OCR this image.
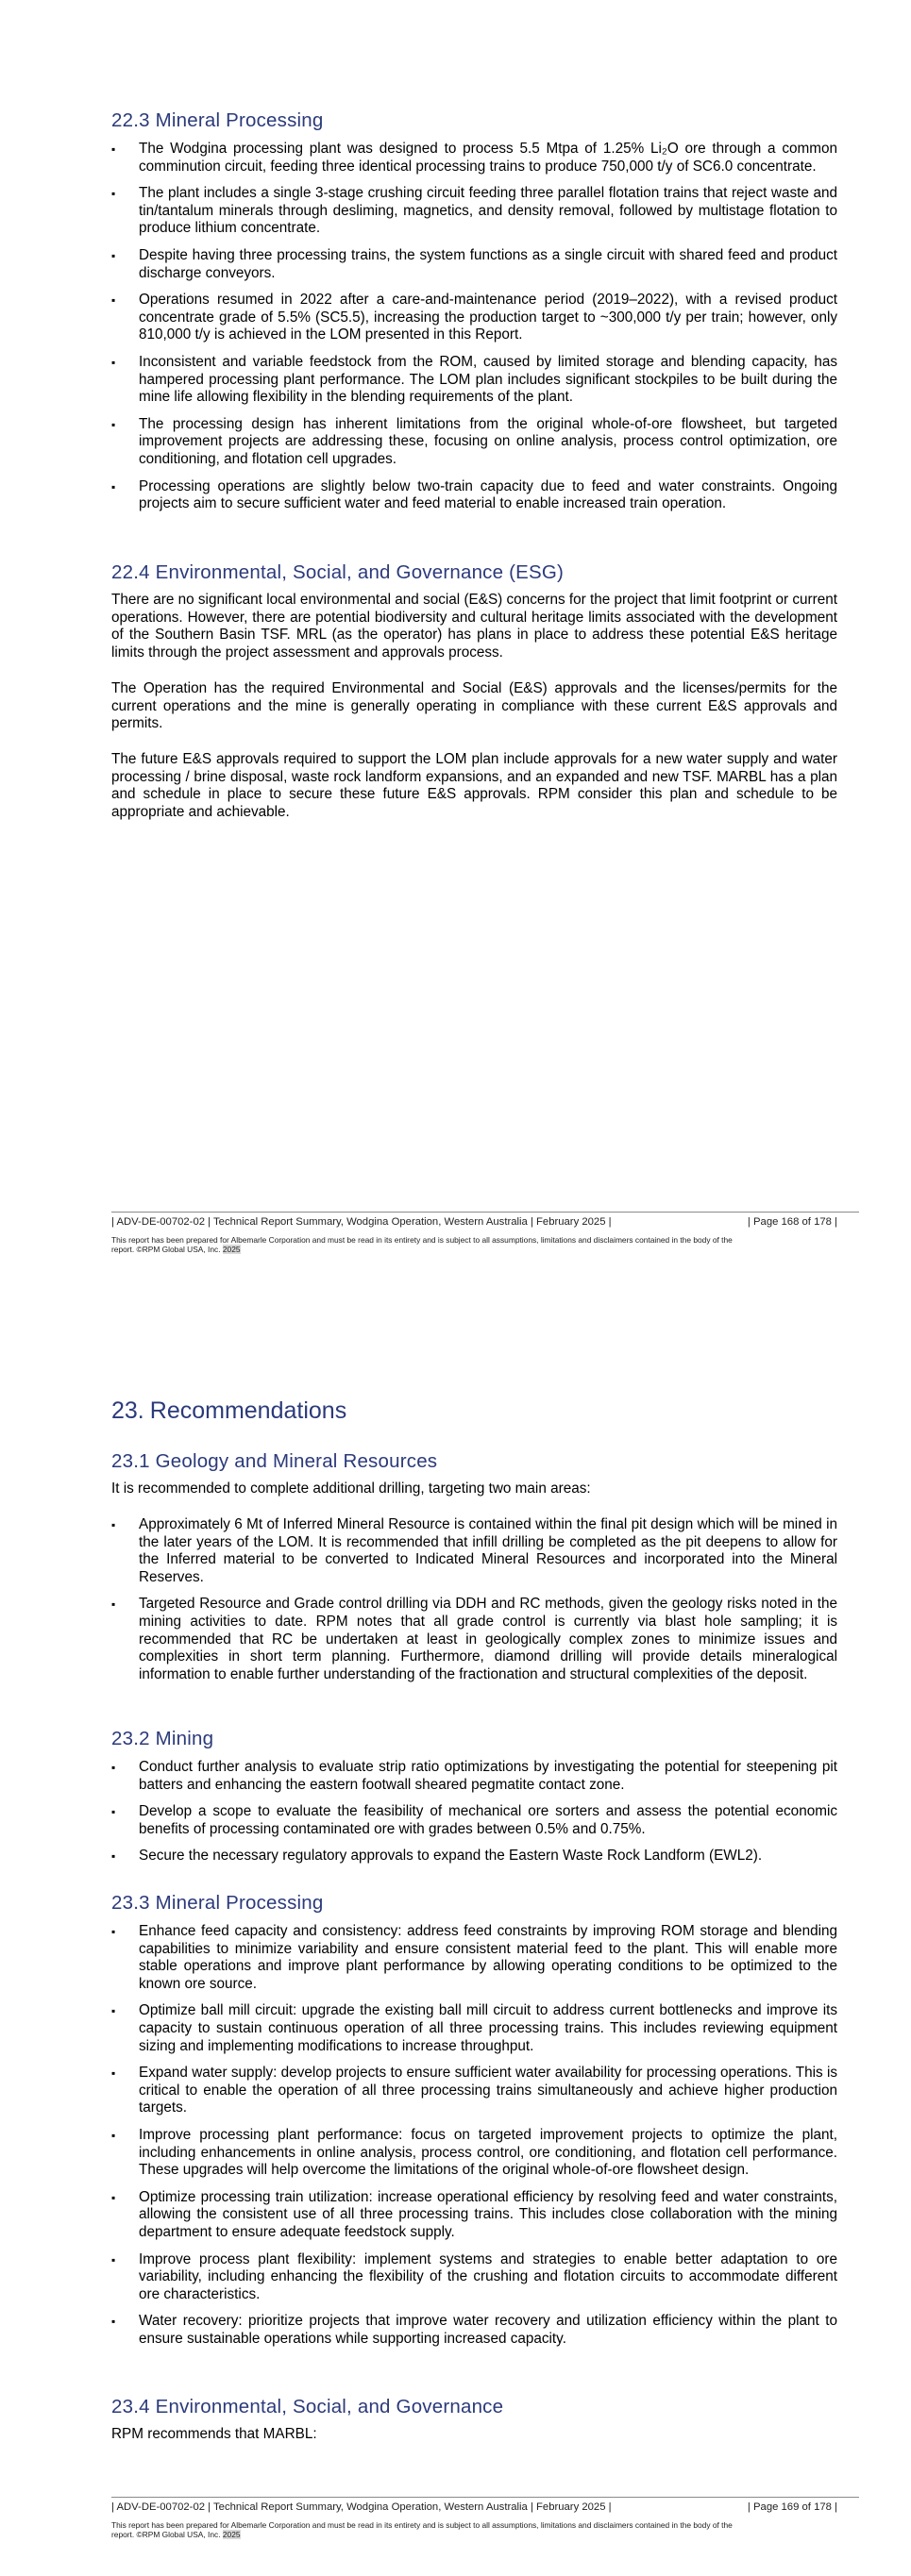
22.3 Mineral Processing
▪ The Wodgina processing plant was designed to process 5.5 Mtpa of 1.25% Li₂O ore through a common comminution circuit, feeding three identical processing trains to produce 750,000 t/y of SC6.0 concentrate.
▪ The plant includes a single 3-stage crushing circuit feeding three parallel flotation trains that reject waste and tin/tantalum minerals through desliming, magnetics, and density removal, followed by multistage flotation to produce lithium concentrate.
▪ Despite having three processing trains, the system functions as a single circuit with shared feed and product discharge conveyors.
▪ Operations resumed in 2022 after a care-and-maintenance period (2019–2022), with a revised product concentrate grade of 5.5% (SC5.5), increasing the production target to ~300,000 t/y per train; however, only 810,000 t/y is achieved in the LOM presented in this Report.
▪ Inconsistent and variable feedstock from the ROM, caused by limited storage and blending capacity, has hampered processing plant performance. The LOM plan includes significant stockpiles to be built during the mine life allowing flexibility in the blending requirements of the plant.
▪ The processing design has inherent limitations from the original whole-of-ore flowsheet, but targeted improvement projects are addressing these, focusing on online analysis, process control optimization, ore conditioning, and flotation cell upgrades.
▪ Processing operations are slightly below two-train capacity due to feed and water constraints. Ongoing projects aim to secure sufficient water and feed material to enable increased train operation.
22.4 Environmental, Social, and Governance (ESG)

There are no significant local environmental and social (E&S) concerns for the project that limit footprint or current operations. However, there are potential biodiversity and cultural heritage limits associated with the development of the Southern Basin TSF. MRL (as the operator) has plans in place to address these potential E&S heritage limits through the project assessment and approvals process.

The Operation has the required Environmental and Social (E&S) approvals and the licenses/permits for the current operations and the mine is generally operating in compliance with these current E&S approvals and permits.

The future E&S approvals required to support the LOM plan include approvals for a new water supply and water processing / brine disposal, waste rock landform expansions, and an expanded and new TSF. MARBL has a plan and schedule in place to secure these future E&S approvals. RPM consider this plan and schedule to be appropriate and achievable.

| ADV-DE-00702-02 | Technical Report Summary, Wodgina Operation, Western Australia | February 2025 |	| Page 168 of 178 |
This report has been prepared for Albemarle Corporation and must be read in its entirety and is subject to all assumptions, limitations and disclaimers contained in the body of the
report. ©RPM Global USA, Inc. 2025
23. Recommendations
23.1 Geology and Mineral Resources

It is recommended to complete additional drilling, targeting two main areas:

▪ Approximately 6 Mt of Inferred Mineral Resource is contained within the final pit design which will be mined in the later years of the LOM. It is recommended that infill drilling be completed as the pit deepens to allow for the Inferred material to be converted to Indicated Mineral Resources and incorporated into the Mineral Reserves.
▪ Targeted Resource and Grade control drilling via DDH and RC methods, given the geology risks noted in the mining activities to date. RPM notes that all grade control is currently via blast hole sampling; it is recommended that RC be undertaken at least in geologically complex zones to minimize issues and complexities in short term planning. Furthermore, diamond drilling will provide details mineralogical information to enable further understanding of the fractionation and structural complexities of the deposit.
23.2 Mining
▪ Conduct further analysis to evaluate strip ratio optimizations by investigating the potential for steepening pit batters and enhancing the eastern footwall sheared pegmatite contact zone.
▪ Develop a scope to evaluate the feasibility of mechanical ore sorters and assess the potential economic benefits of processing contaminated ore with grades between 0.5% and 0.75%.
▪ Secure the necessary regulatory approvals to expand the Eastern Waste Rock Landform (EWL2).
23.3 Mineral Processing
▪ Enhance feed capacity and consistency: address feed constraints by improving ROM storage and blending capabilities to minimize variability and ensure consistent material feed to the plant. This will enable more stable operations and improve plant performance by allowing operating conditions to be optimized to the known ore source.
▪ Optimize ball mill circuit: upgrade the existing ball mill circuit to address current bottlenecks and improve its capacity to sustain continuous operation of all three processing trains. This includes reviewing equipment sizing and implementing modifications to increase throughput.
▪ Expand water supply: develop projects to ensure sufficient water availability for processing operations. This is critical to enable the operation of all three processing trains simultaneously and achieve higher production targets.
▪ Improve processing plant performance: focus on targeted improvement projects to optimize the plant, including enhancements in online analysis, process control, ore conditioning, and flotation cell performance. These upgrades will help overcome the limitations of the original whole-of-ore flowsheet design.
▪ Optimize processing train utilization: increase operational efficiency by resolving feed and water constraints, allowing the consistent use of all three processing trains. This includes close collaboration with the mining department to ensure adequate feedstock supply.
▪ Improve process plant flexibility: implement systems and strategies to enable better adaptation to ore variability, including enhancing the flexibility of the crushing and flotation circuits to accommodate different ore characteristics.
▪ Water recovery: prioritize projects that improve water recovery and utilization efficiency within the plant to ensure sustainable operations while supporting increased capacity.
23.4 Environmental, Social, and Governance

RPM recommends that MARBL:

| ADV-DE-00702-02 | Technical Report Summary, Wodgina Operation, Western Australia | February 2025 |	| Page 169 of 178 |
This report has been prepared for Albemarle Corporation and must be read in its entirety and is subject to all assumptions, limitations and disclaimers contained in the body of the
report. ©RPM Global USA, Inc. 2025
